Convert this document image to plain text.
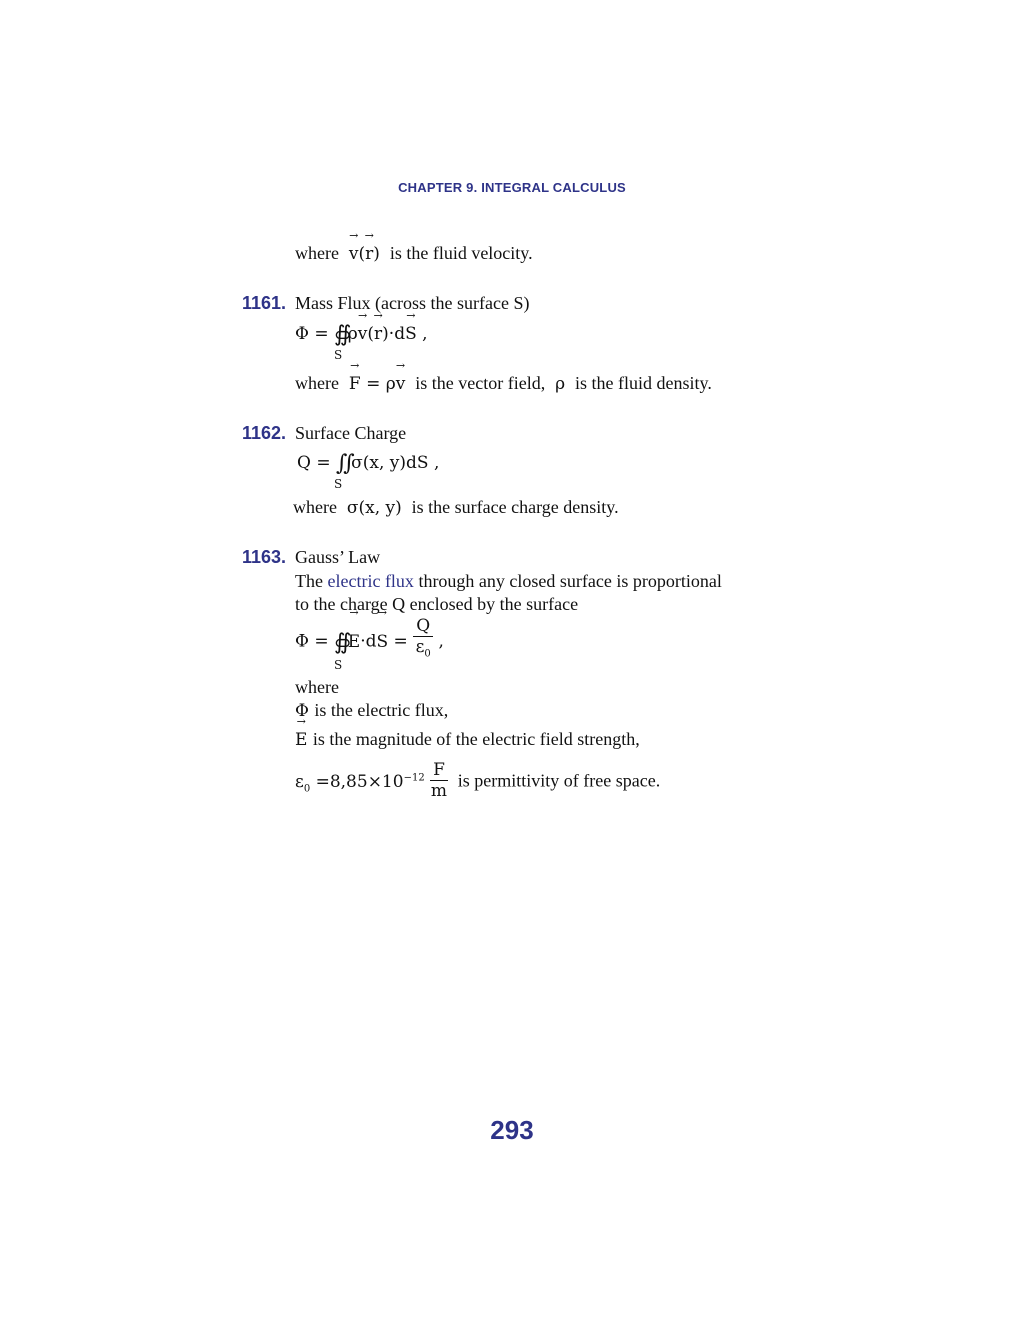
CHAPTER 9. INTEGRAL CALCULUS
where → v(→ r)  is the fluid velocity.
1161. Mass Flux (across the surface S)
Φ = ∯ ρ→ v(→ r)·d→ S ,
S
where → F = ρ→ v is the vector field,  ρ  is the fluid density.
1162. Surface Charge
Q = ∬ σ(x, y)dS ,
S
where  σ(x, y)  is the surface charge density.
1163. Gauss’ Law
The electric flux through any closed surface is proportional
to the charge Q enclosed by the surface
Φ = ∯ → $E\cdot d\to S = \frac{Q}{\varepsilon_0}$ ,
S
where
Φ is the electric flux,
→ E is the magnitude of the electric field strength,
$\varepsilon_0 =8,85\times 10^{-12} \frac{F}{m}$ is permittivity of free space.
293
